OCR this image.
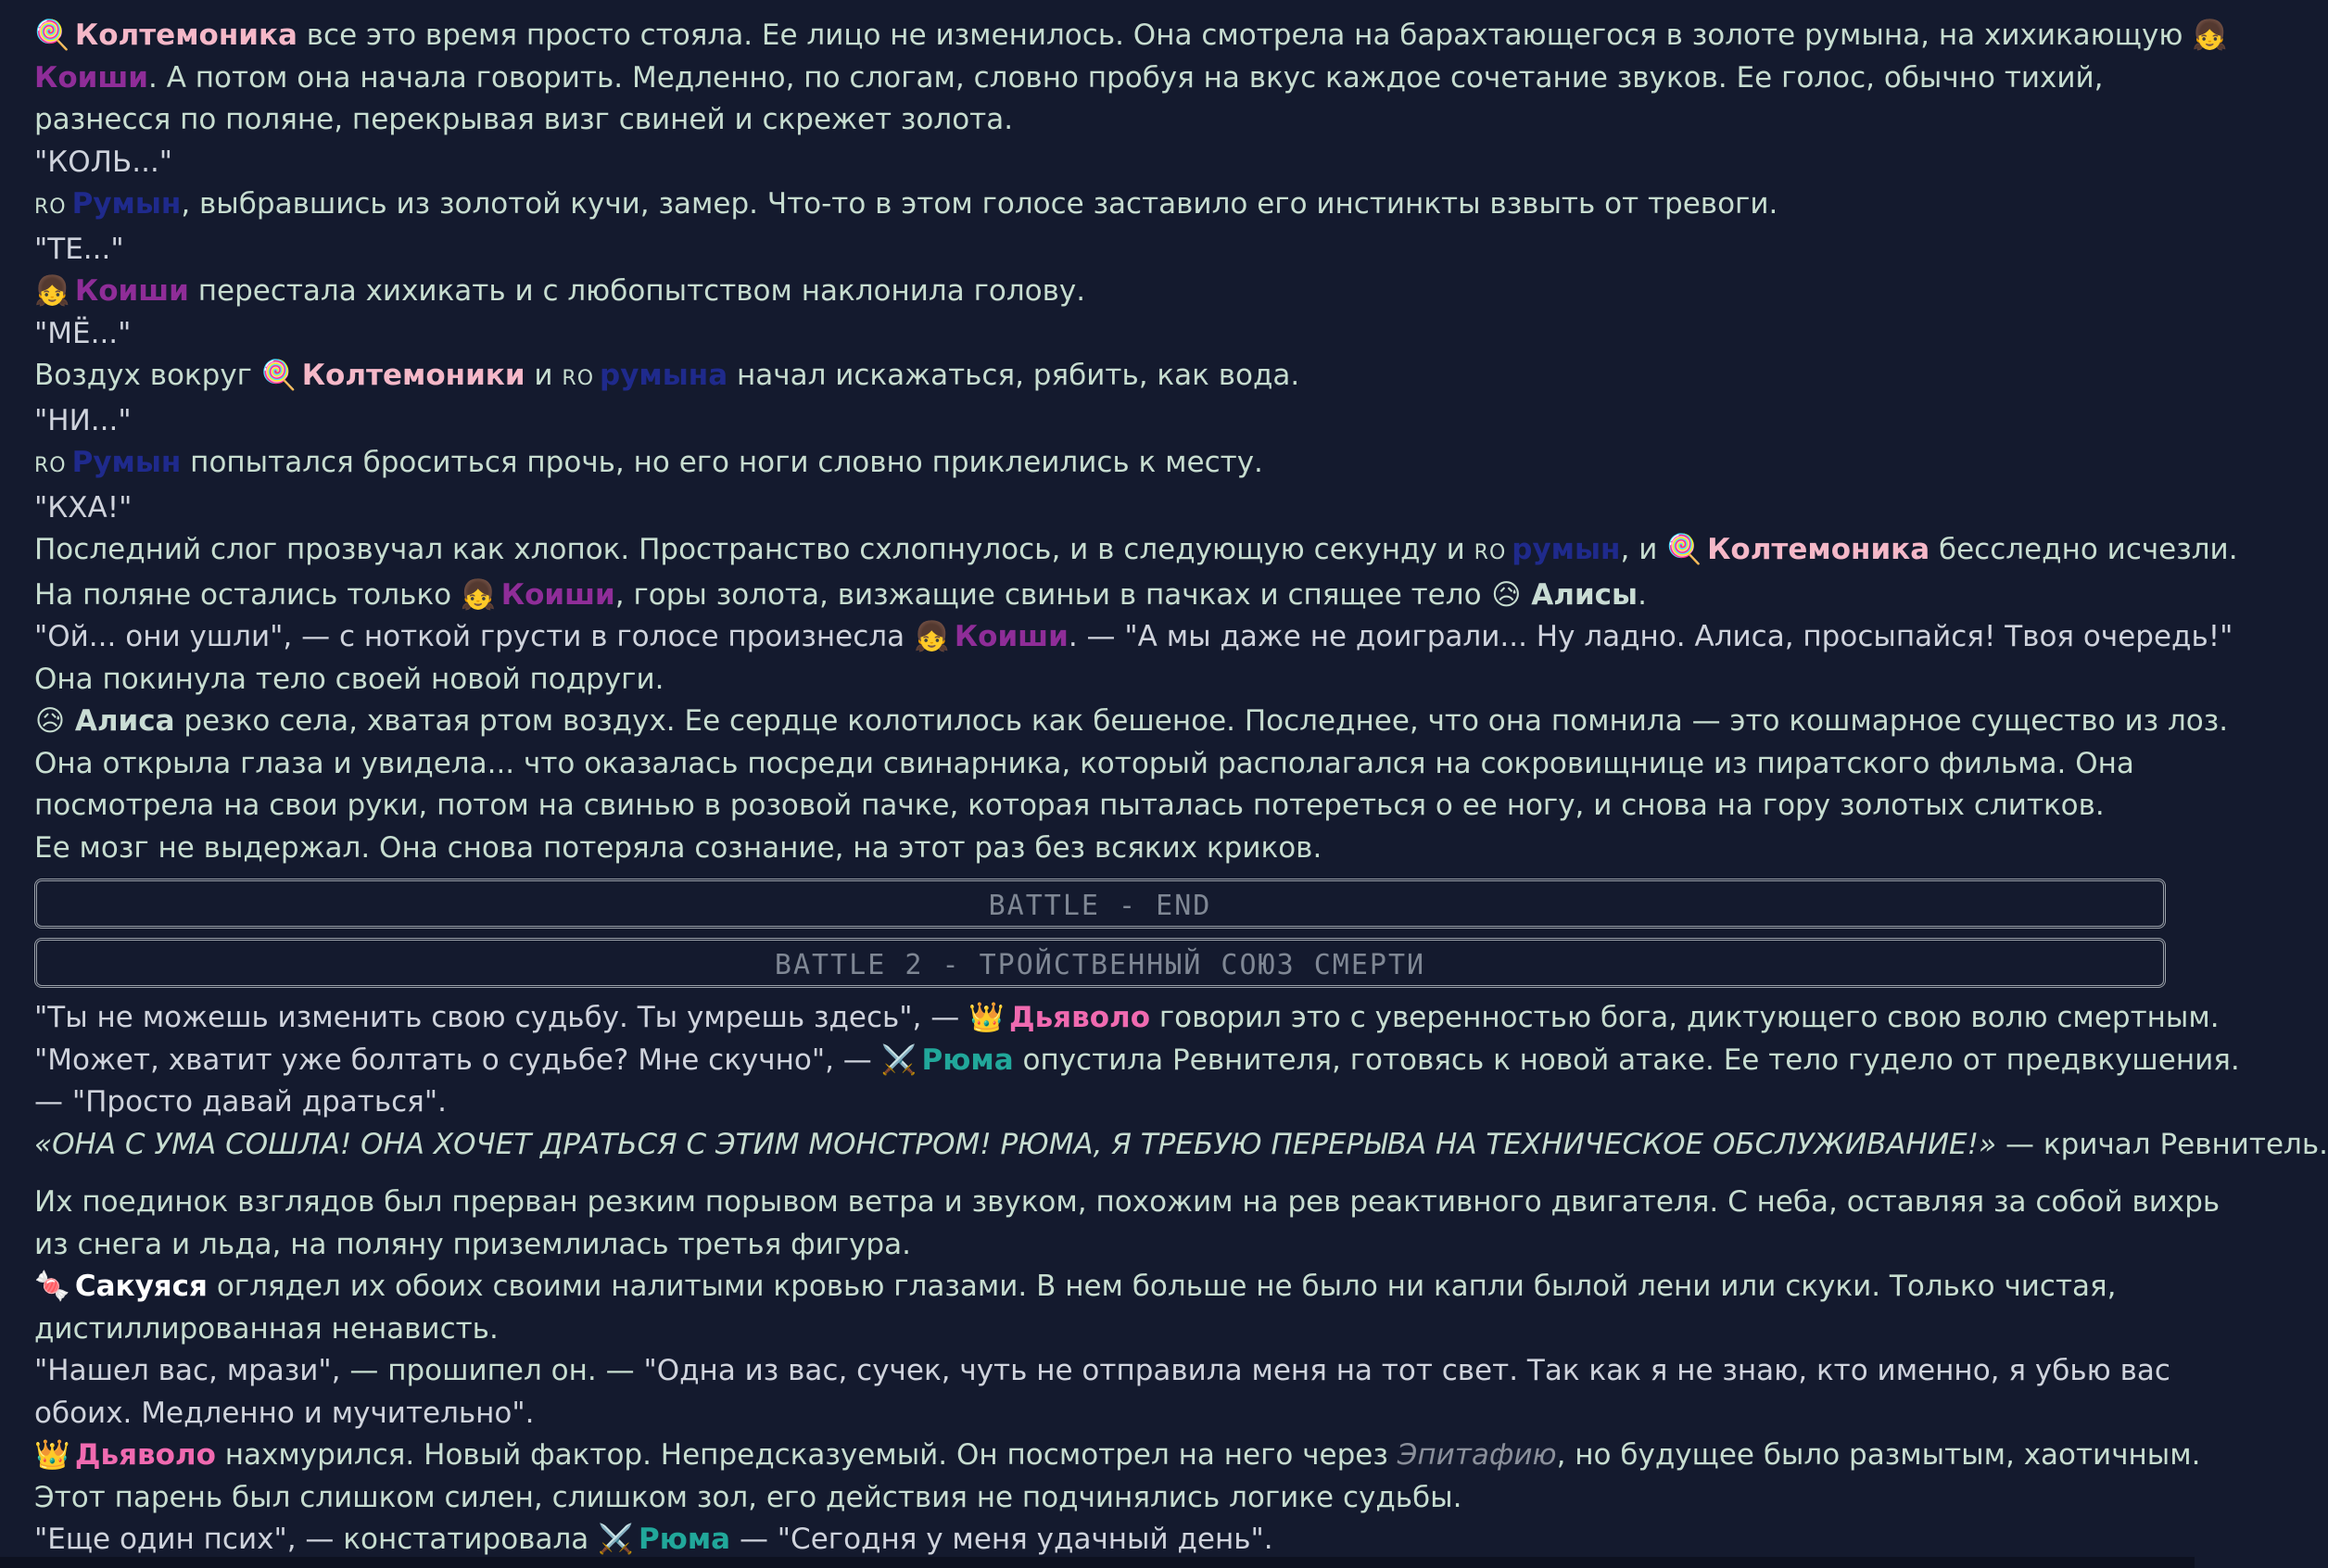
🍭 Колтемоника все это время просто стояла. Ее лицо не изменилось. Она смотрела на барахтающегося в золоте румына, на хихикающую 👧
Коиши. А потом она начала говорить. Медленно, по слогам, словно пробуя на вкус каждое сочетание звуков. Ее голос, обычно тихий,
разнесся по поляне, перекрывая визг свиней и скрежет золота.
"КОЛЬ..."
RO Румын, выбравшись из золотой кучи, замер. Что-то в этом голосе заставило его инстинкты взвыть от тревоги.
"ТЕ..."
👧 Коиши перестала хихикать и с любопытством наклонила голову.
"МЁ..."
Воздух вокруг 🍭 Колтемоники и RO румына начал искажаться, рябить, как вода.
"НИ..."
RO Румын попытался броситься прочь, но его ноги словно приклеились к месту.
"КХА!"
Последний слог прозвучал как хлопок. Пространство схлопнулось, и в следующую секунду и RO румын, и 🍭 Колтемоника бесследно исчезли.
На поляне остались только 👧 Коиши, горы золота, визжащие свиньи в пачках и спящее тело 😥 Алисы.
"Ой... они ушли", — с ноткой грусти в голосе произнесла 👧 Коиши. — "А мы даже не доиграли... Ну ладно. Алиса, просыпайся! Твоя очередь!"
Она покинула тело своей новой подруги.
😥 Алиса резко села, хватая ртом воздух. Ее сердце колотилось как бешеное. Последнее, что она помнила — это кошмарное существо из лоз.
Она открыла глаза и увидела... что оказалась посреди свинарника, который располагался на сокровищнице из пиратского фильма. Она
посмотрела на свои руки, потом на свинью в розовой пачке, которая пыталась потереться о ее ногу, и снова на гору золотых слитков.
Ее мозг не выдержал. Она снова потеряла сознание, на этот раз без всяких криков.
BATTLE - END
BATTLE 2 - ТРОЙСТВЕННЫЙ СОЮЗ СМЕРТИ
"Ты не можешь изменить свою судьбу. Ты умрешь здесь", — 👑 Дьяволо говорил это с уверенностью бога, диктующего свою волю смертным.
"Может, хватит уже болтать о судьбе? Мне скучно", — ⚔️ Рюма опустила Ревнителя, готовясь к новой атаке. Ее тело гудело от предвкушения.
— "Просто давай драться".
«ОНА С УМА СОШЛА! ОНА ХОЧЕТ ДРАТЬСЯ С ЭТИМ МОНСТРОМ! РЮМА, Я ТРЕБУЮ ПЕРЕРЫВА НА ТЕХНИЧЕСКОЕ ОБСЛУЖИВАНИЕ!» — кричал Ревнитель.
Их поединок взглядов был прерван резким порывом ветра и звуком, похожим на рев реактивного двигателя. С неба, оставляя за собой вихрь
из снега и льда, на поляну приземлилась третья фигура.
🍬 Сакуяся оглядел их обоих своими налитыми кровью глазами. В нем больше не было ни капли былой лени или скуки. Только чистая,
дистиллированная ненависть.
"Нашел вас, мрази", — прошипел он. — "Одна из вас, сучек, чуть не отправила меня на тот свет. Так как я не знаю, кто именно, я убью вас
обоих. Медленно и мучительно".
👑 Дьяволо нахмурился. Новый фактор. Непредсказуемый. Он посмотрел на него через Эпитафию, но будущее было размытым, хаотичным.
Этот парень был слишком силен, слишком зол, его действия не подчинялись логике судьбы.
"Еще один псих", — констатировала ⚔️ Рюма — "Сегодня у меня удачный день".
